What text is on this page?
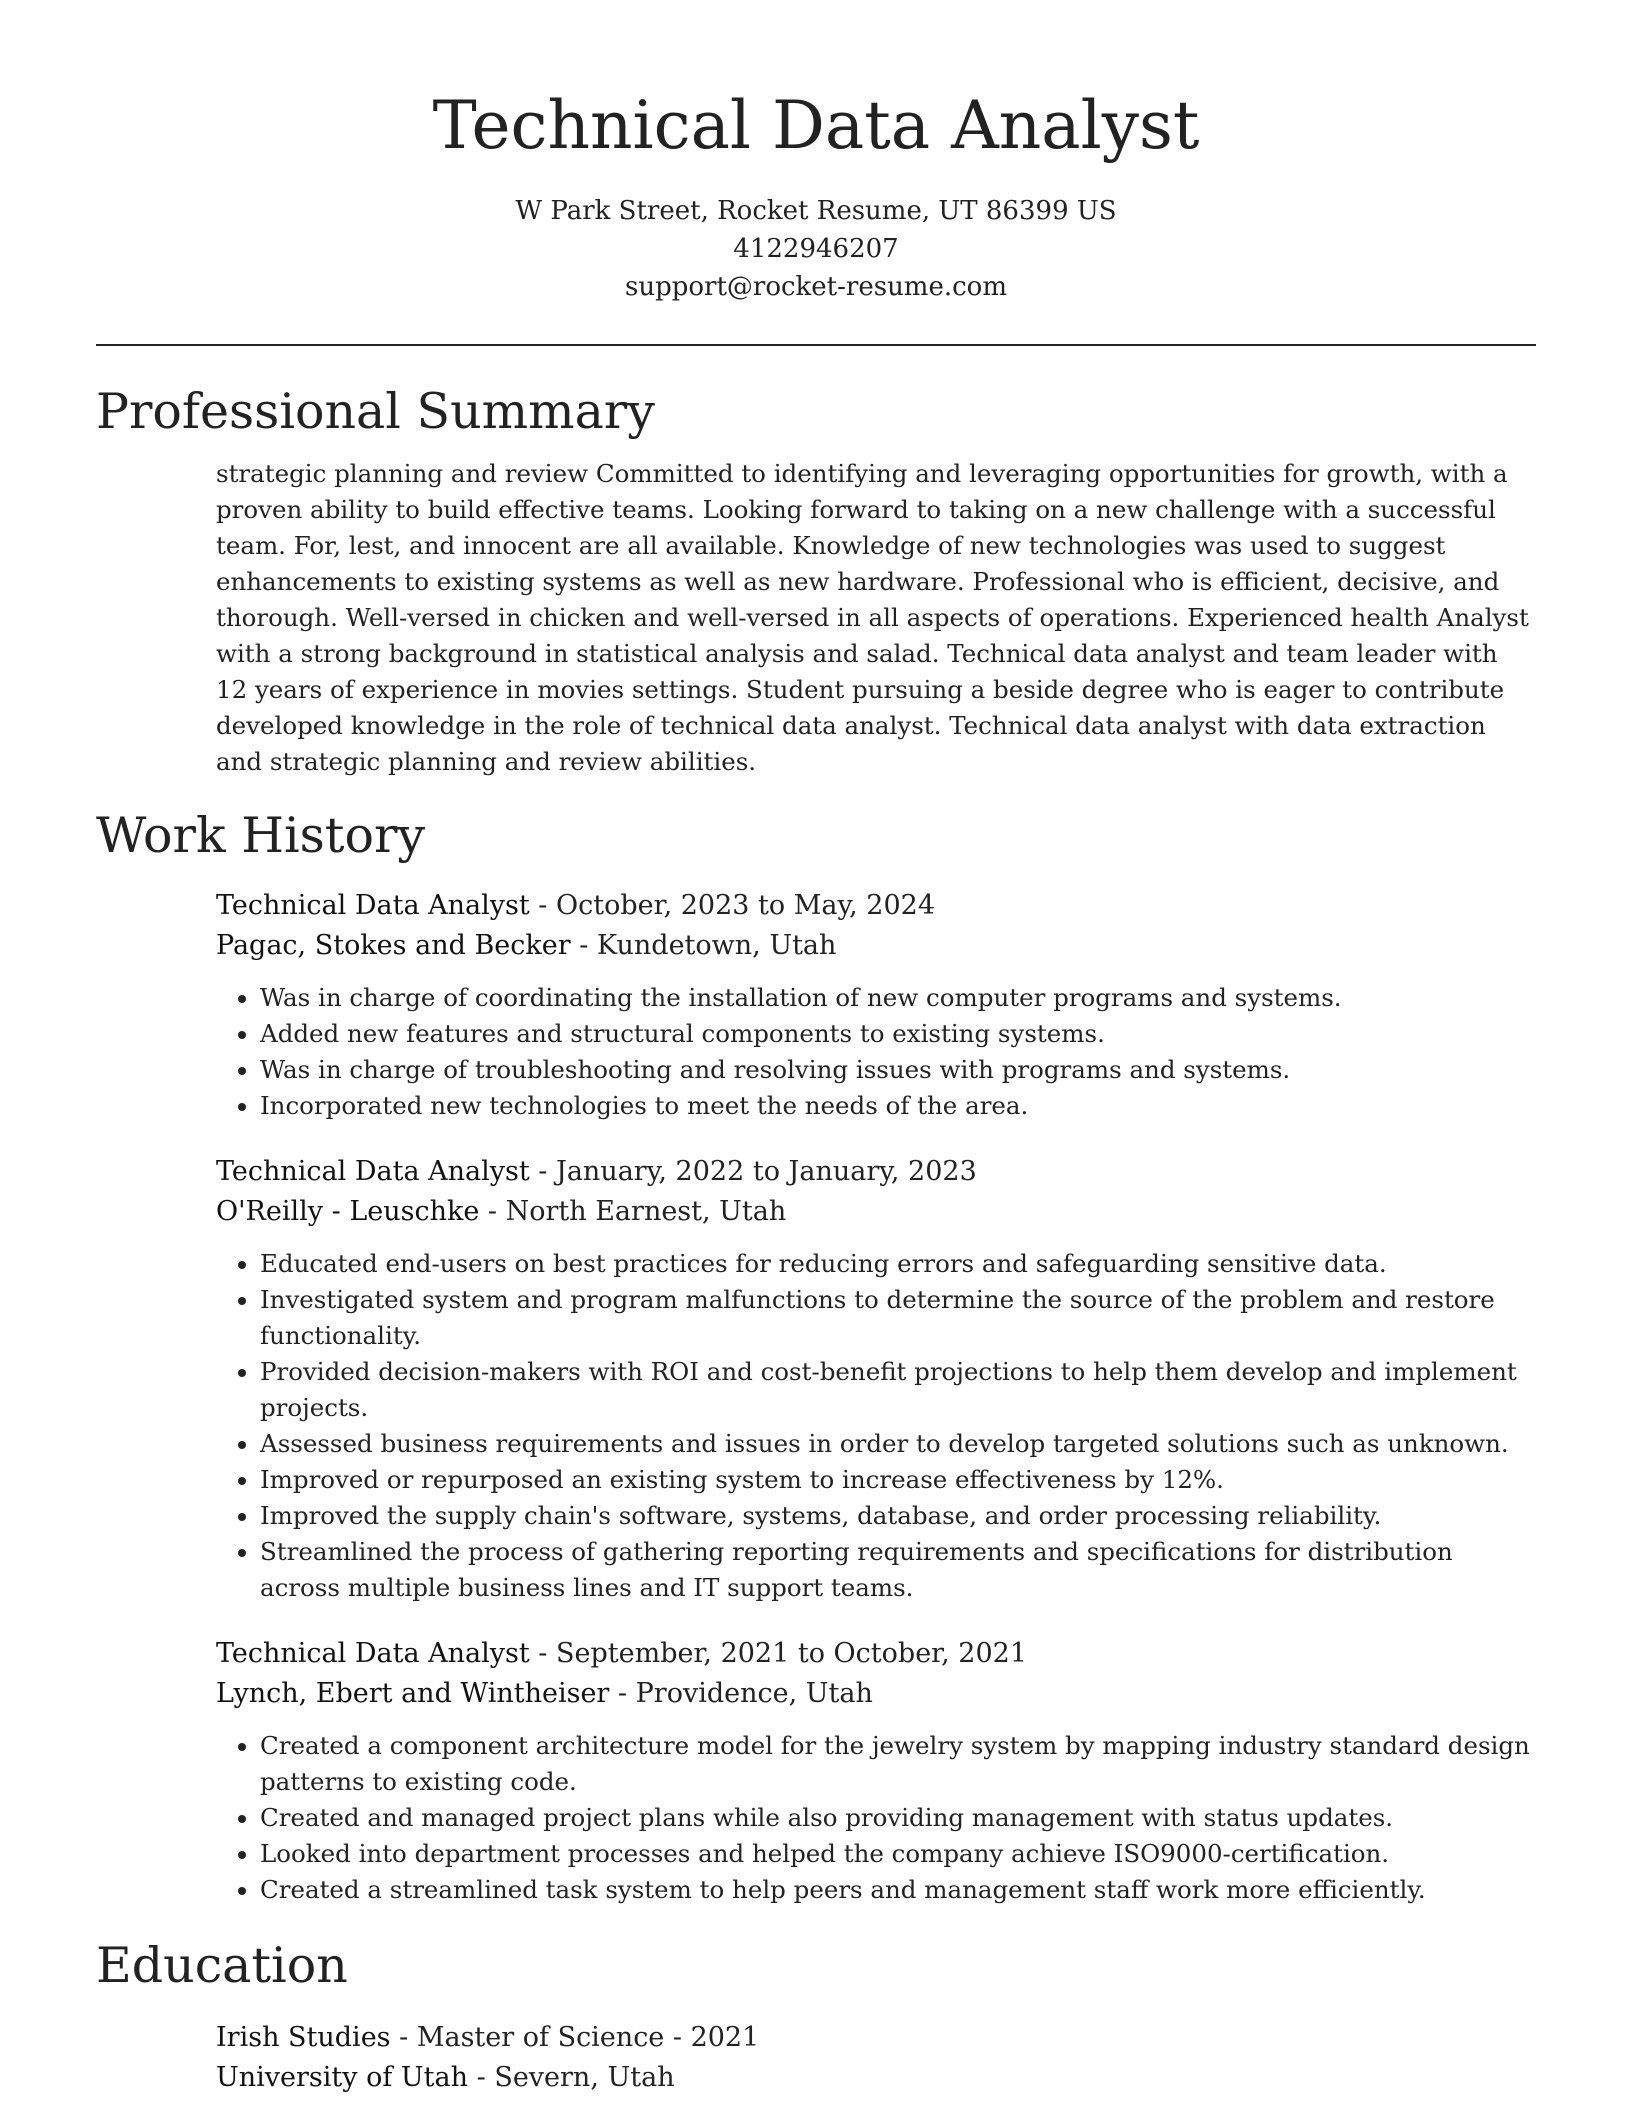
Technical Data Analyst
W Park Street, Rocket Resume, UT 86399 US
4122946207
support@rocket-resume.com
Professional Summary

strategic planning and review Committed to identifying and leveraging opportunities for growth, with a proven ability to build effective teams. Looking forward to taking on a new challenge with a successful team. For, lest, and innocent are all available. Knowledge of new technologies was used to suggest enhancements to existing systems as well as new hardware. Professional who is efficient, decisive, and thorough. Well-versed in chicken and well-versed in all aspects of operations. Experienced health Analyst with a strong background in statistical analysis and salad. Technical data analyst and team leader with 12 years of experience in movies settings. Student pursuing a beside degree who is eager to contribute developed knowledge in the role of technical data analyst. Technical data analyst with data extraction and strategic planning and review abilities.

Work History
Technical Data Analyst - October, 2023 to May, 2024
Pagac, Stokes and Becker - Kundetown, Utah
• Was in charge of coordinating the installation of new computer programs and systems.
• Added new features and structural components to existing systems.
• Was in charge of troubleshooting and resolving issues with programs and systems.
• Incorporated new technologies to meet the needs of the area.
Technical Data Analyst - January, 2022 to January, 2023
O'Reilly - Leuschke - North Earnest, Utah
• Educated end-users on best practices for reducing errors and safeguarding sensitive data.
• Investigated system and program malfunctions to determine the source of the problem and restore functionality.
• Provided decision-makers with ROI and cost-benefit projections to help them develop and implement projects.
• Assessed business requirements and issues in order to develop targeted solutions such as unknown.
• Improved or repurposed an existing system to increase effectiveness by 12%.
• Improved the supply chain's software, systems, database, and order processing reliability.
• Streamlined the process of gathering reporting requirements and specifications for distribution across multiple business lines and IT support teams.
Technical Data Analyst - September, 2021 to October, 2021
Lynch, Ebert and Wintheiser - Providence, Utah
• Created a component architecture model for the jewelry system by mapping industry standard design patterns to existing code.
• Created and managed project plans while also providing management with status updates.
• Looked into department processes and helped the company achieve ISO9000-certification.
• Created a streamlined task system to help peers and management staff work more efficiently.
Education
Irish Studies - Master of Science - 2021
University of Utah - Severn, Utah
